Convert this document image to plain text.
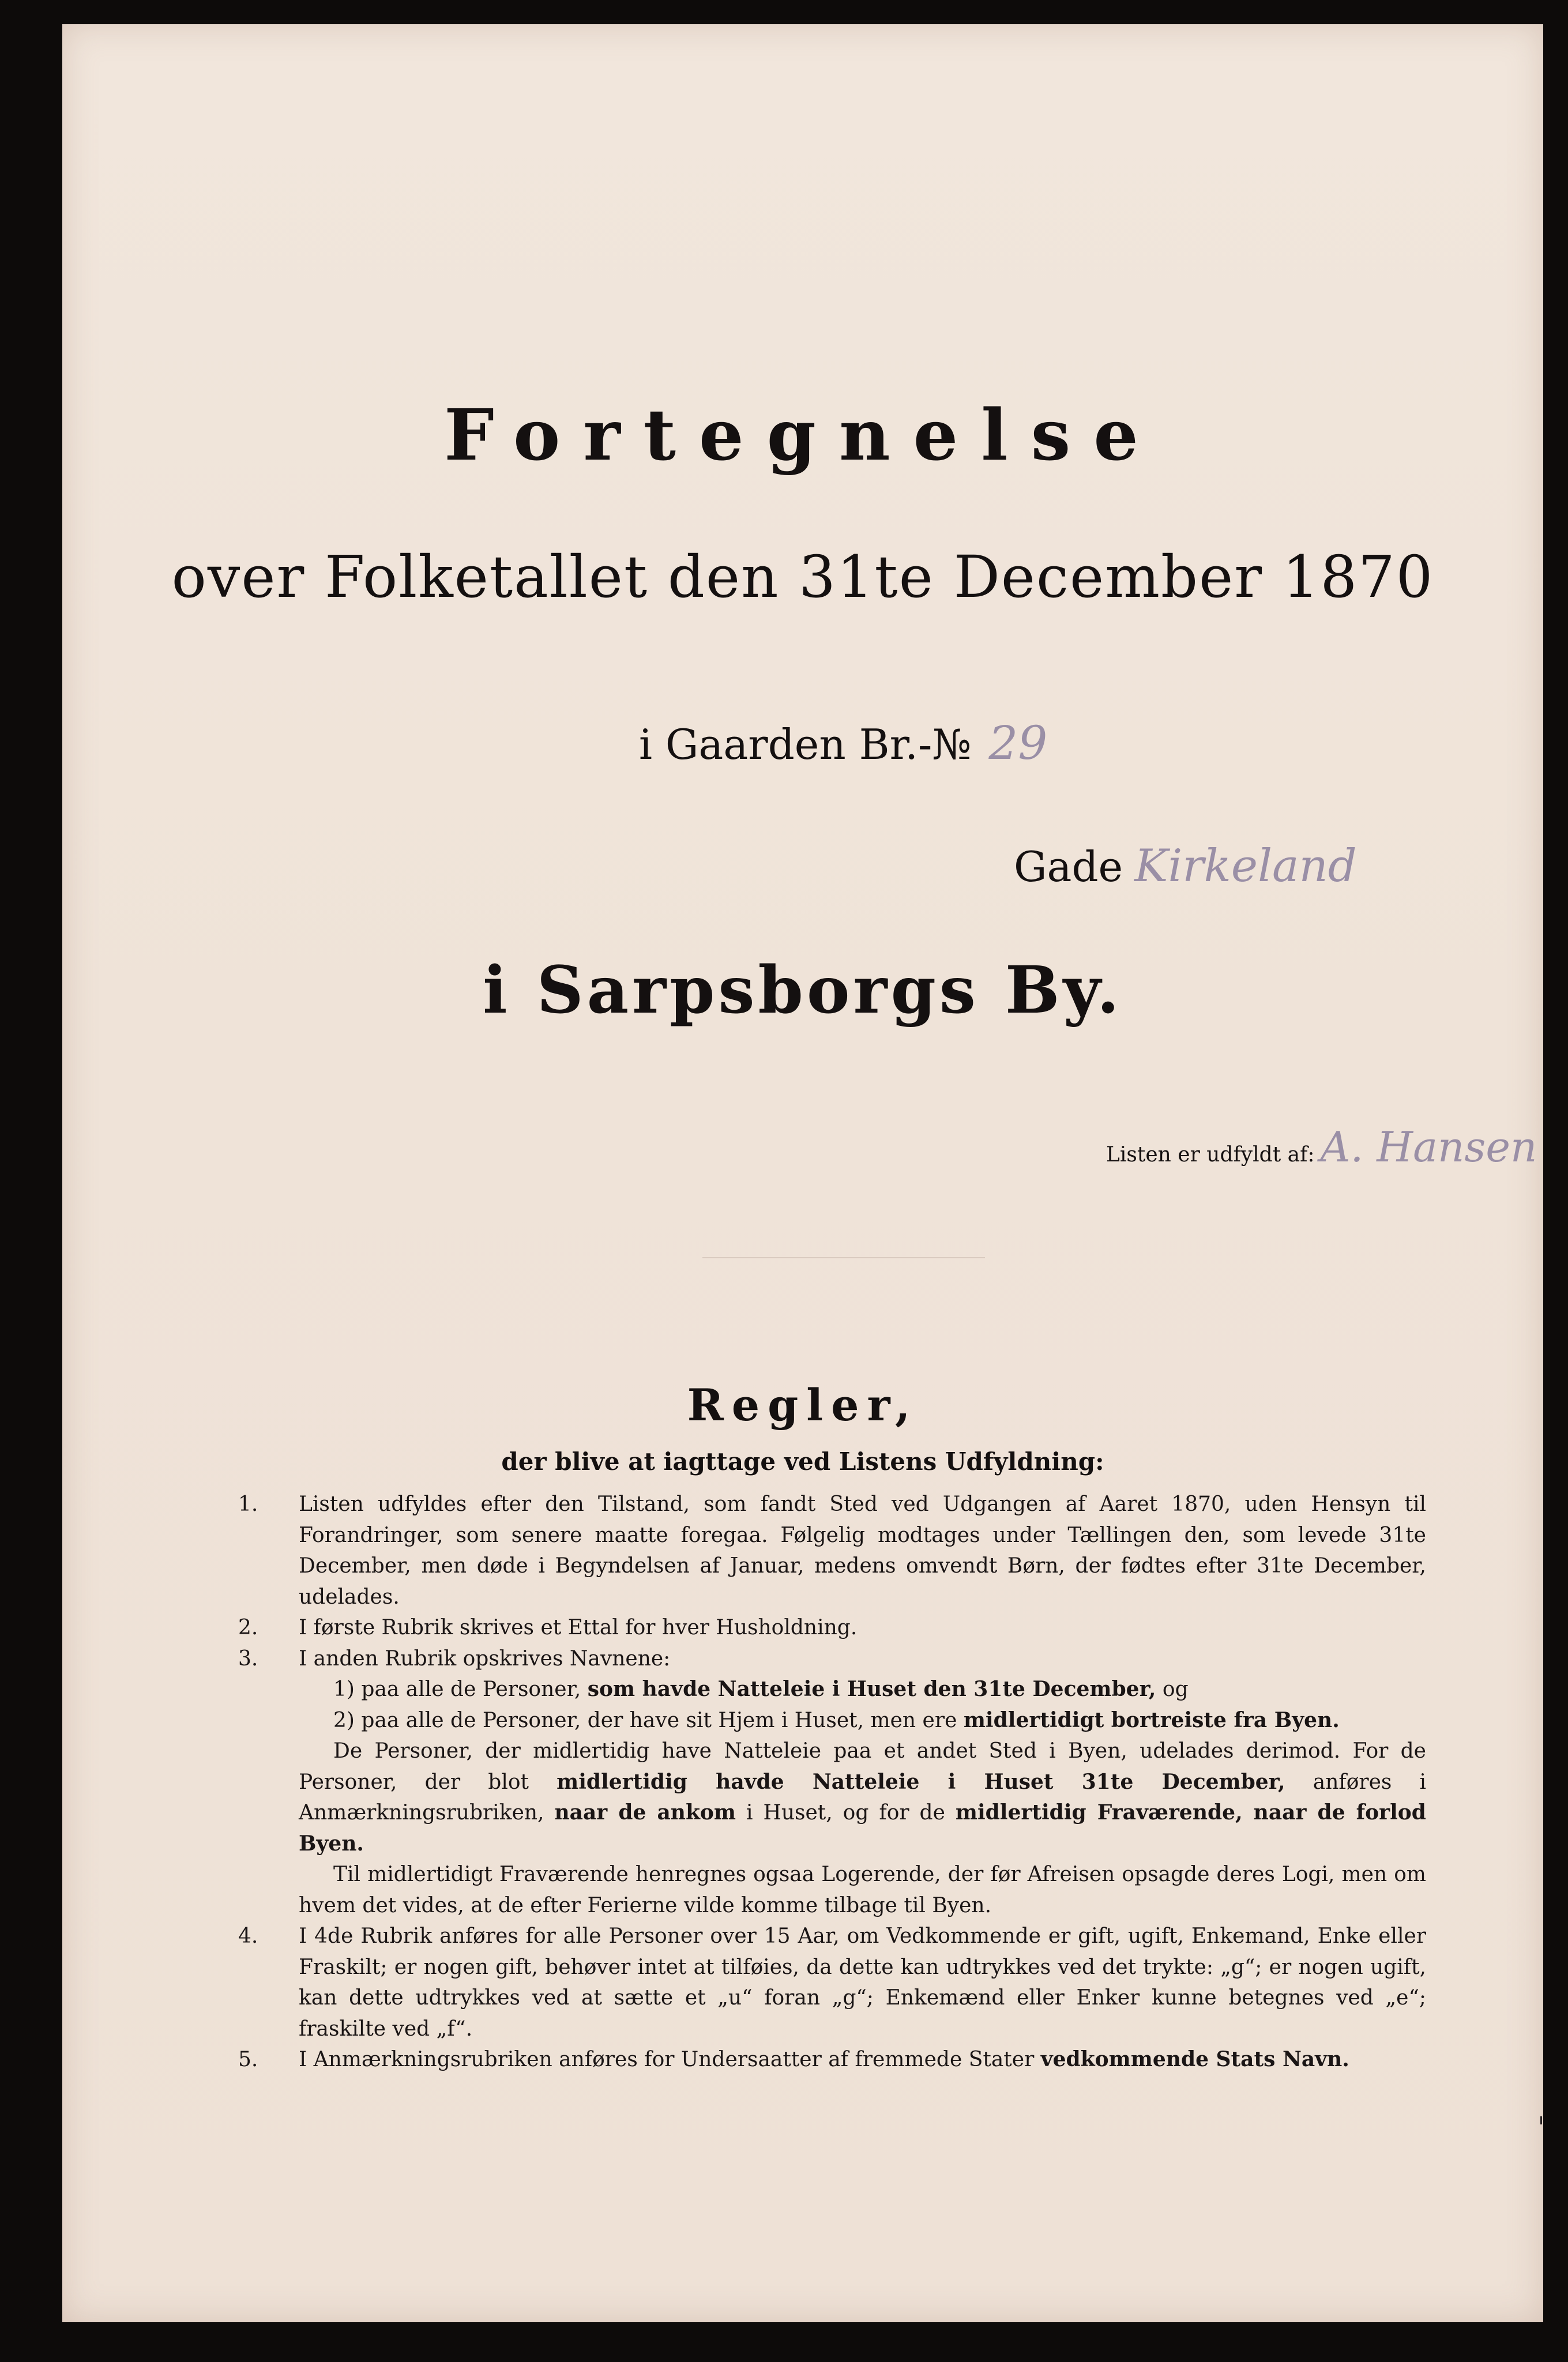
Fortegnelse
over Folketallet den 31te December 1870
i Gaarden Br.-№ 29
Gade Kirkeland
i Sarpsborgs By.
Listen er udfyldt af: A. Hansen
Regler,
der blive at iagttage ved Listens Udfyldning:
1. Listen udfyldes efter den Tilstand, som fandt Sted ved Udgangen af Aaret 1870, uden Hensyn til Forandringer, som senere maatte foregaa. Følgelig modtages under Tællingen den, som levede 31te December, men døde i Begyndelsen af Januar, medens omvendt Børn, der fødtes efter 31te December, udelades.
2. I første Rubrik skrives et Ettal for hver Husholdning.
3. I anden Rubrik opskrives Navnene:
1) paa alle de Personer, som havde Natteleie i Huset den 31te December, og
2) paa alle de Personer, der have sit Hjem i Huset, men ere midlertidigt bortreiste fra Byen.
De Personer, der midlertidig have Natteleie paa et andet Sted i Byen, udelades derimod. For de Personer, der blot midlertidig havde Natteleie i Huset 31te December, anføres i Anmærkningsrubriken, naar de ankom i Huset, og for de midlertidig Fraværende, naar de forlod Byen.
Til midlertidigt Fraværende henregnes ogsaa Logerende, der før Afreisen opsagde deres Logi, men om hvem det vides, at de efter Ferierne vilde komme tilbage til Byen.
4. I 4de Rubrik anføres for alle Personer over 15 Aar, om Vedkommende er gift, ugift, Enkemand, Enke eller Fraskilt; er nogen gift, behøver intet at tilføies, da dette kan udtrykkes ved det trykte: „g“; er nogen ugift, kan dette udtrykkes ved at sætte et „u“ foran „g“; Enkemænd eller Enker kunne betegnes ved „e“; fraskilte ved „f“.
5. I Anmærkningsrubriken anføres for Undersaatter af fremmede Stater vedkommende Stats Navn.
